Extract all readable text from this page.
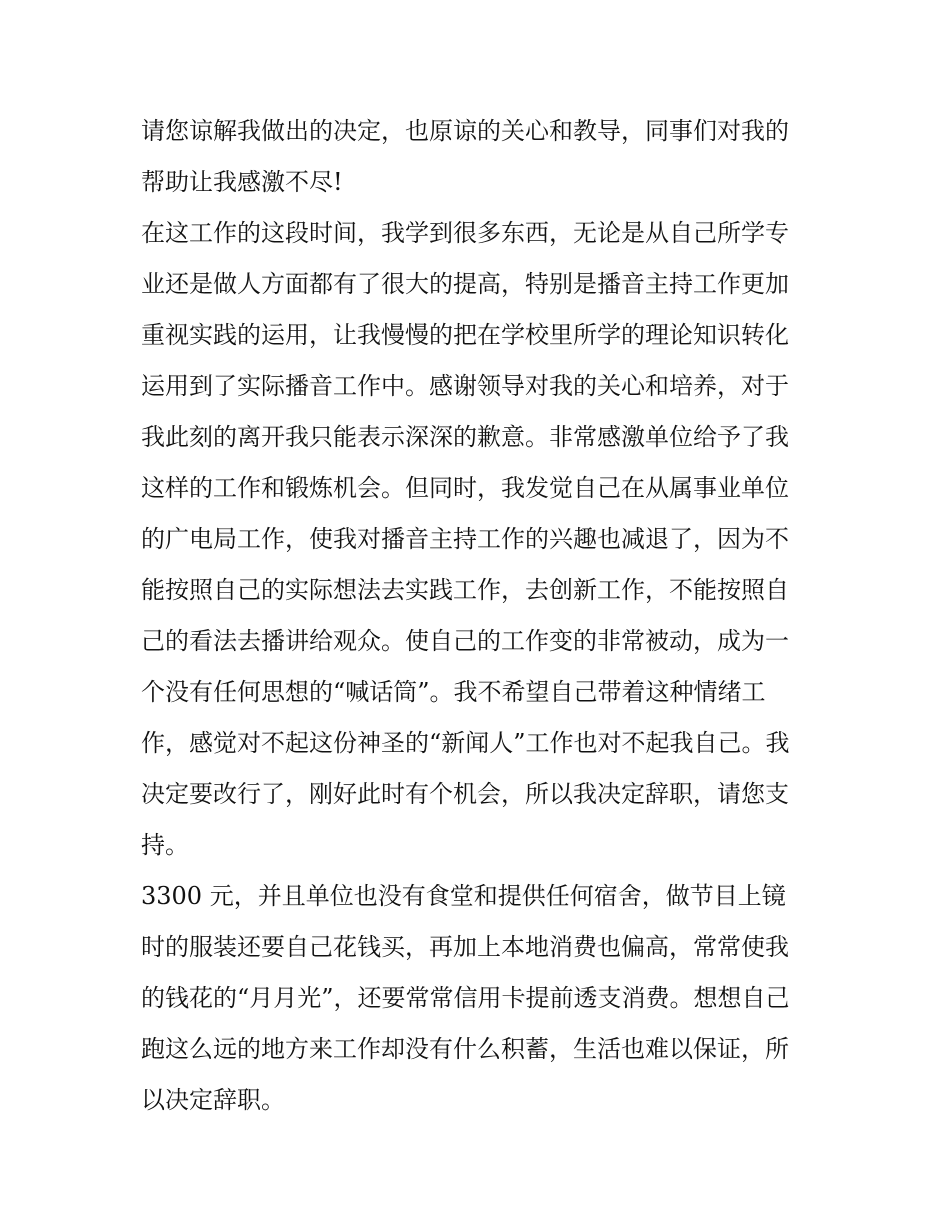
请您谅解我做出的决定，也原谅的关心和教导，同事们对我的
帮助让我感激不尽!
在这工作的这段时间，我学到很多东西，无论是从自己所学专
业还是做人方面都有了很大的提高，特别是播音主持工作更加
重视实践的运用，让我慢慢的把在学校里所学的理论知识转化
运用到了实际播音工作中。感谢领导对我的关心和培养，对于
我此刻的离开我只能表示深深的歉意。非常感激单位给予了我
这样的工作和锻炼机会。但同时，我发觉自己在从属事业单位
的广电局工作，使我对播音主持工作的兴趣也减退了，因为不
能按照自己的实际想法去实践工作，去创新工作，不能按照自
己的看法去播讲给观众。使自己的工作变的非常被动，成为一
个没有任何思想的“喊话筒”。我不希望自己带着这种情绪工
作，感觉对不起这份神圣的“新闻人”工作也对不起我自己。我
决定要改行了，刚好此时有个机会，所以我决定辞职，请您支
持。
3300 元，并且单位也没有食堂和提供任何宿舍，做节目上镜
时的服装还要自己花钱买，再加上本地消费也偏高，常常使我
的钱花的“月月光”，还要常常信用卡提前透支消费。想想自己
跑这么远的地方来工作却没有什么积蓄，生活也难以保证，所
以决定辞职。
